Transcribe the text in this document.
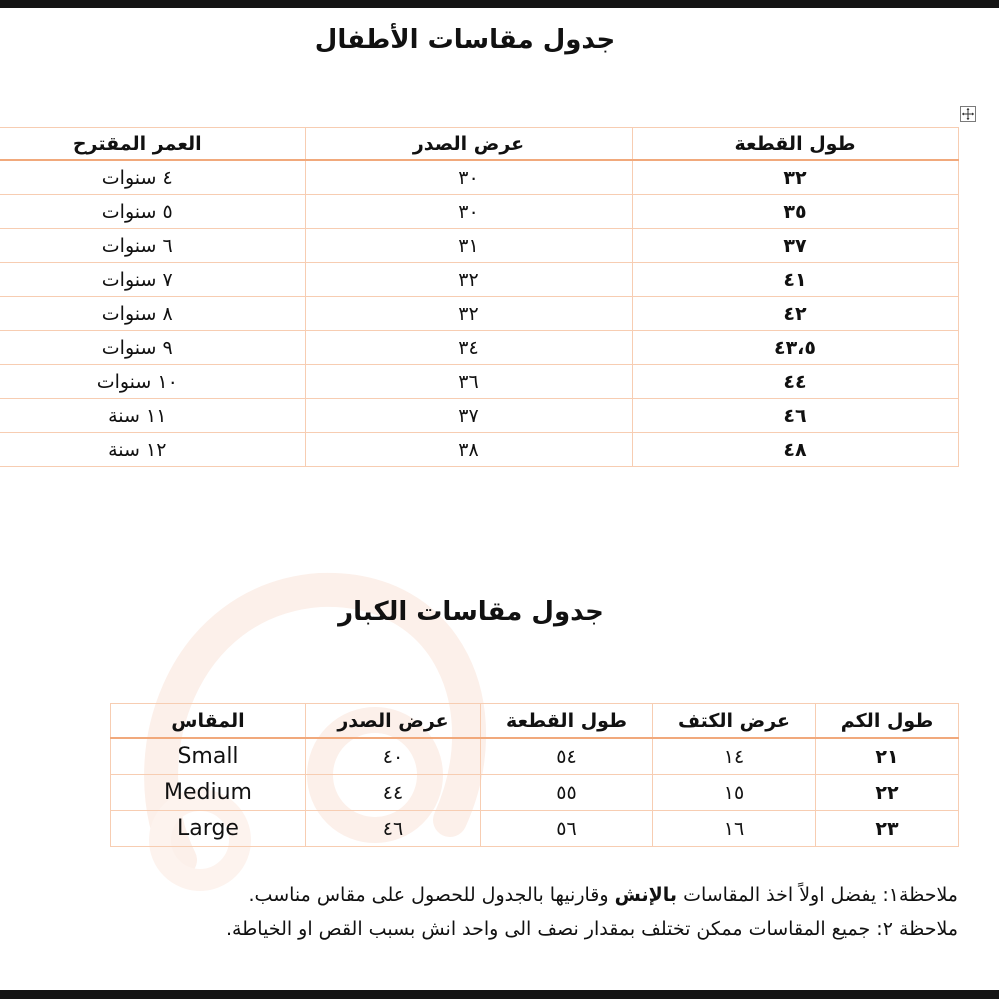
جدول مقاسات الأطفال
طول القطعة	عرض الصدر	العمر المقترح
٣٢	٣٠	٤ سنوات
٣٥	٣٠	٥ سنوات
٣٧	٣١	٦ سنوات
٤١	٣٢	٧ سنوات
٤٢	٣٢	٨ سنوات
٤٣،٥	٣٤	٩ سنوات
٤٤	٣٦	١٠ سنوات
٤٦	٣٧	١١ سنة
٤٨	٣٨	١٢ سنة
جدول مقاسات الكبار
طول الكم	عرض الكتف	طول القطعة	عرض الصدر	المقاس
٢١	١٤	٥٤	٤٠	Small
٢٢	١٥	٥٥	٤٤	Medium
٢٣	١٦	٥٦	٤٦	Large
ملاحظة١: يفضل اولاً اخذ المقاسات بالإنش وقارنيها بالجدول للحصول على مقاس مناسب.
ملاحظة ٢: جميع المقاسات ممكن تختلف بمقدار نصف الى واحد انش بسبب القص او الخياطة.
